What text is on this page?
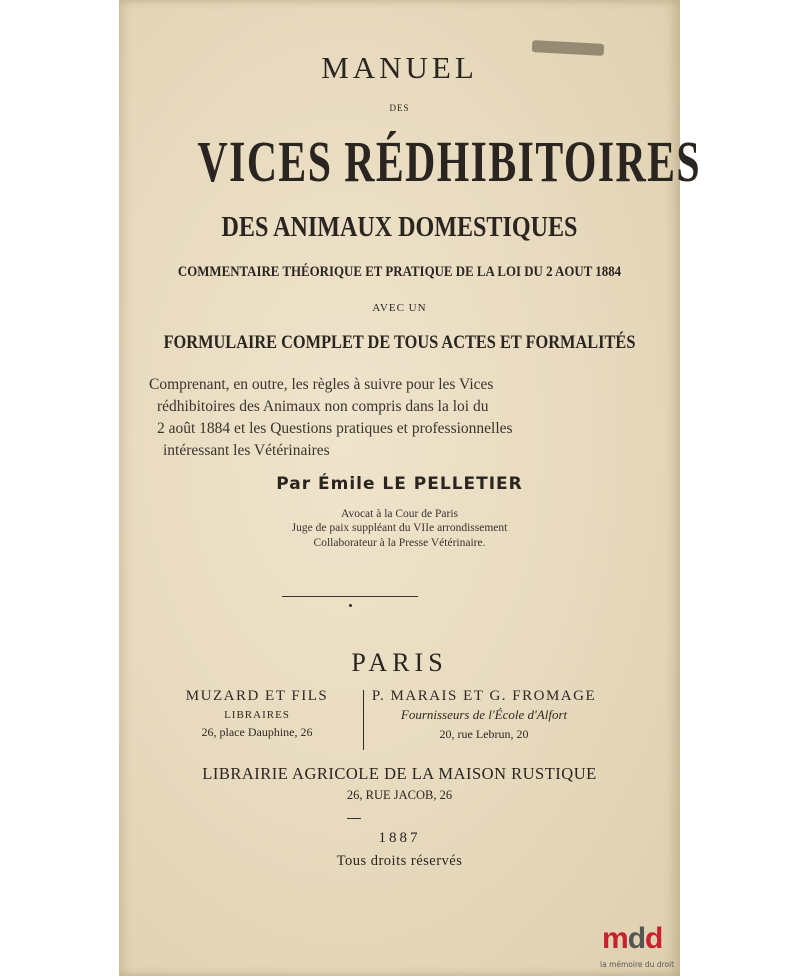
MANUEL
DES
VICES RÉDHIBITOIRES
DES ANIMAUX DOMESTIQUES
COMMENTAIRE THÉORIQUE ET PRATIQUE DE LA LOI DU 2 AOUT 1884
AVEC UN
FORMULAIRE COMPLET DE TOUS ACTES ET FORMALITÉS
Comprenant, en outre, les règles à suivre pour les Vices
rédhibitoires des Animaux non compris dans la loi du
2 août 1884 et les Questions pratiques et professionnelles
intéressant les Vétérinaires
Par Émile LE PELLETIER
Avocat à la Cour de Paris
Juge de paix suppléant du VIIe arrondissement
Collaborateur à la Presse Vétérinaire.
PARIS
MUZARD ET FILS
LIBRAIRES
26, place Dauphine, 26
P. MARAIS ET G. FROMAGE
Fournisseurs de l'École d'Alfort
20, rue Lebrun, 20
LIBRAIRIE AGRICOLE DE LA MAISON RUSTIQUE
26, RUE JACOB, 26
1887
Tous droits réservés
mdd
la mémoire du droit
